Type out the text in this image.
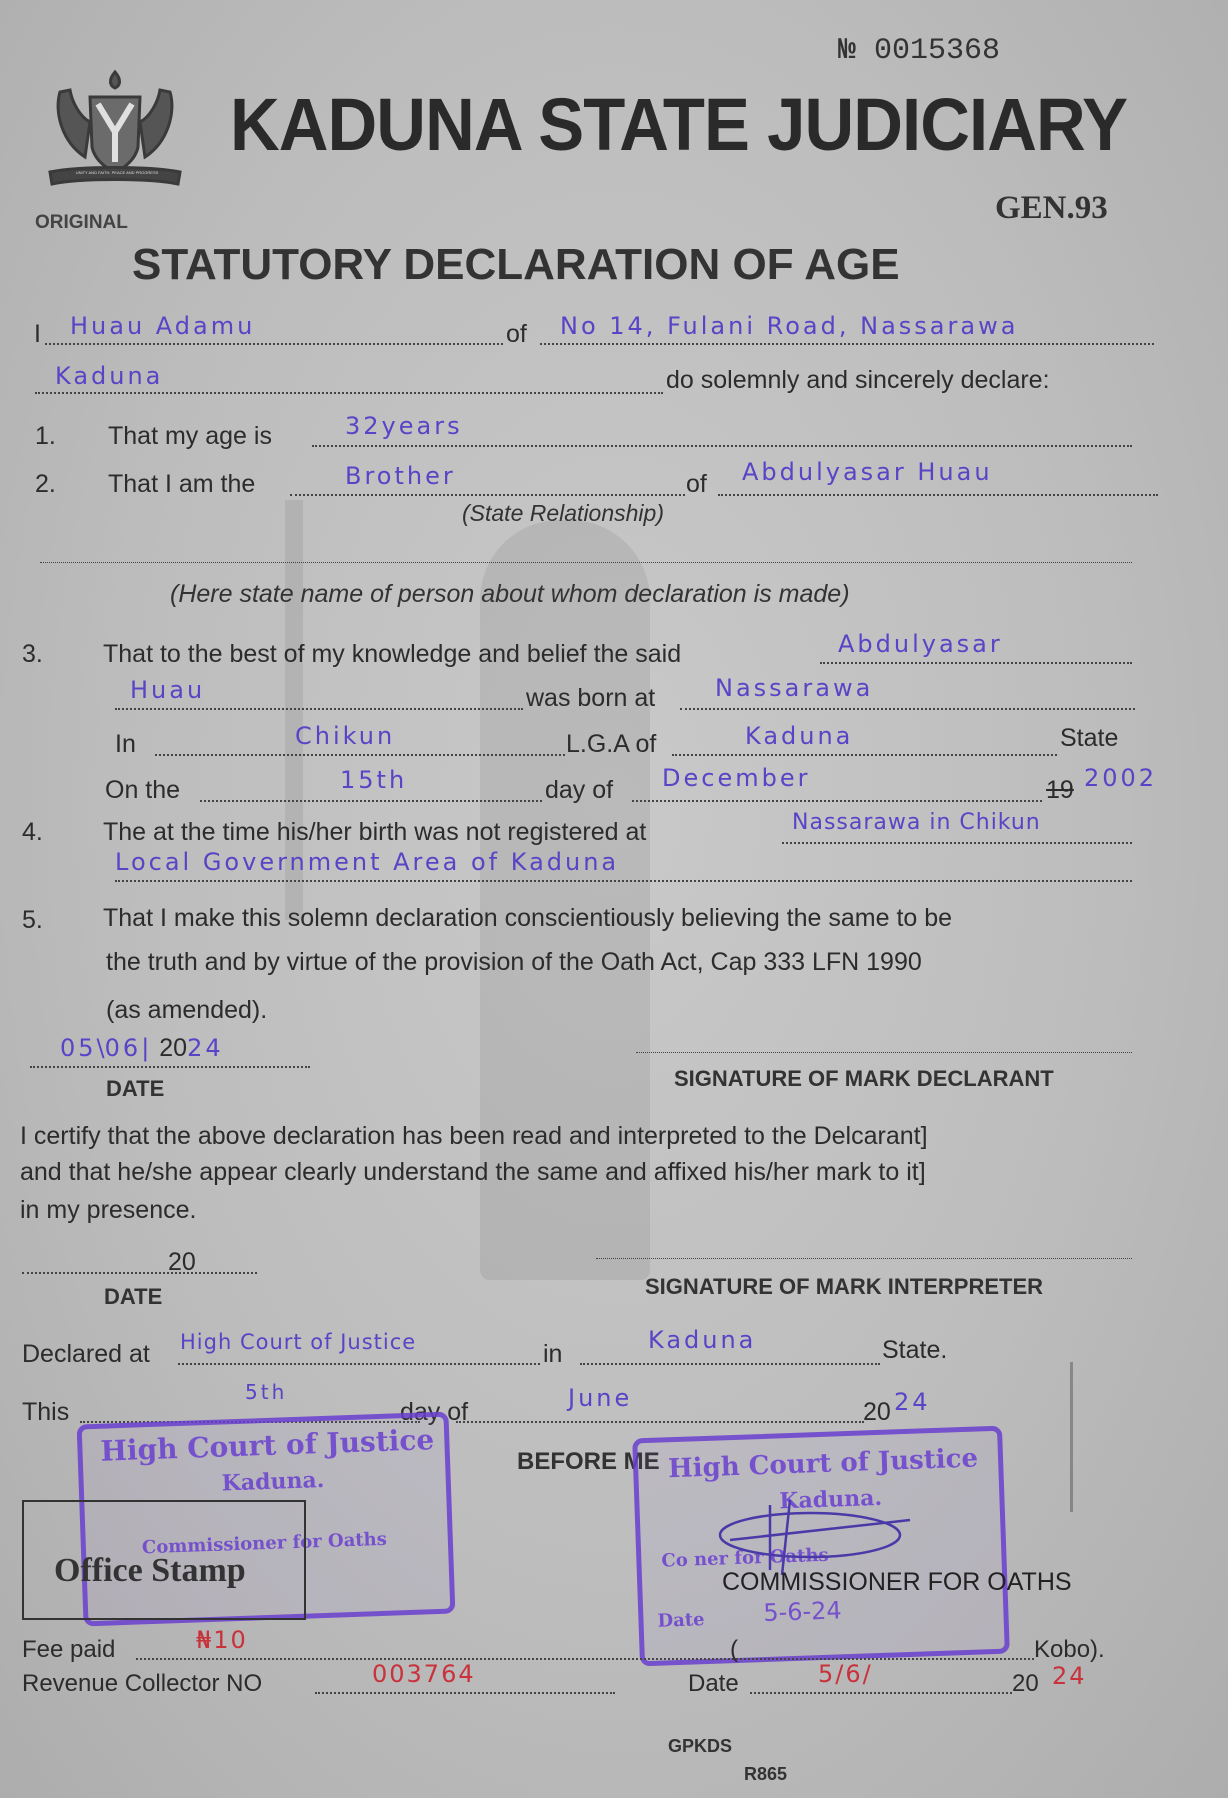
№ 0015368
UNITY AND FAITH, PEACE AND PROGRESS
KADUNA STATE JUDICIARY
ORIGINAL	GEN.93
STATUTORY DECLARATION OF AGE
I Huau Adamu	of No 14, Fulani Road, Nassarawa
Kaduna	do solemnly and sincerely declare:
1. That my age is	32years
2. That I am the	Brother	of Abdulyasar Huau
(State Relationship)
(Here state name of person about whom declaration is made)
3. That to the best of my knowledge and belief the said	Abdulyasar
Huau	was born at Nassarawa
In	Chikun	L.G.A of	Kaduna	State
On the	15th	day of December	19 2002
4. The at the time his/her birth was not registered at	Nassarawa in Chikun
Local Government Area of Kaduna
5. That I make this solemn declaration conscientiously believing the same to be
the truth and by virtue of the provision of the Oath Act, Cap 333 LFN 1990
(as amended).
05\06| 2024
DATE	SIGNATURE OF MARK DECLARANT
I certify that the above declaration has been read and interpreted to the Delcarant]
and that he/she appear clearly understand the same and affixed his/her mark to it]
in my presence.
20
DATE	SIGNATURE OF MARK INTERPRETER
Declared at High Court of Justice	in	Kaduna	State.
This
5th
day of	June	20 24
High Court of Justice
Kaduna.
Commissioner for Oaths
Office Stamp
BEFORE ME High Court of Justice
Kaduna.
Co ner for Oaths
Date 5-6-24
COMMISSIONER FOR OATHS
Fee paid	₦10	(	Kobo).
Revenue Collector NO	003764	Date	5/6/	20 24
GPKDS
R865
